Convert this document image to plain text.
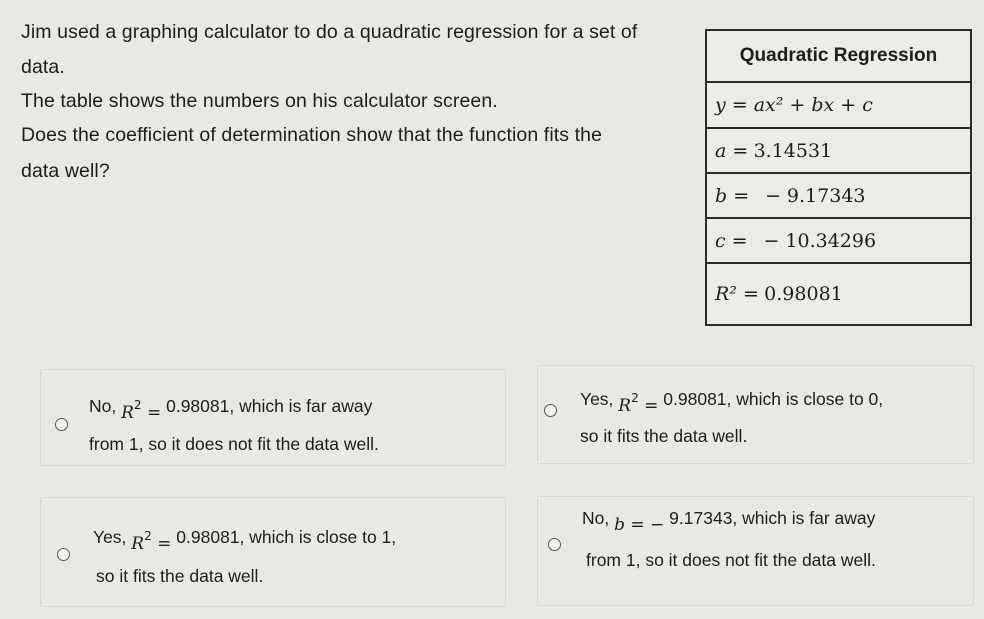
Jim used a graphing calculator to do a quadratic regression for a set of
data.
The table shows the numbers on his calculator screen.
Does the coefficient of determination show that the function fits the
data well?
Quadratic Regression
y = ax² + bx + c
a =
3.14531
b =
− 9.17343
c =
− 10.34296
R² =
0.98081
No, $R^2 = 0.98081$, which is far away
from 1, so it does not fit the data well.
Yes, $R^2 = 0.98081$, which is close to 0,
so it fits the data well.
Yes, $R^2 = 0.98081$, which is close to 1,
so it fits the data well.
No, b = − 9.17343, which is far away
from 1, so it does not fit the data well.
